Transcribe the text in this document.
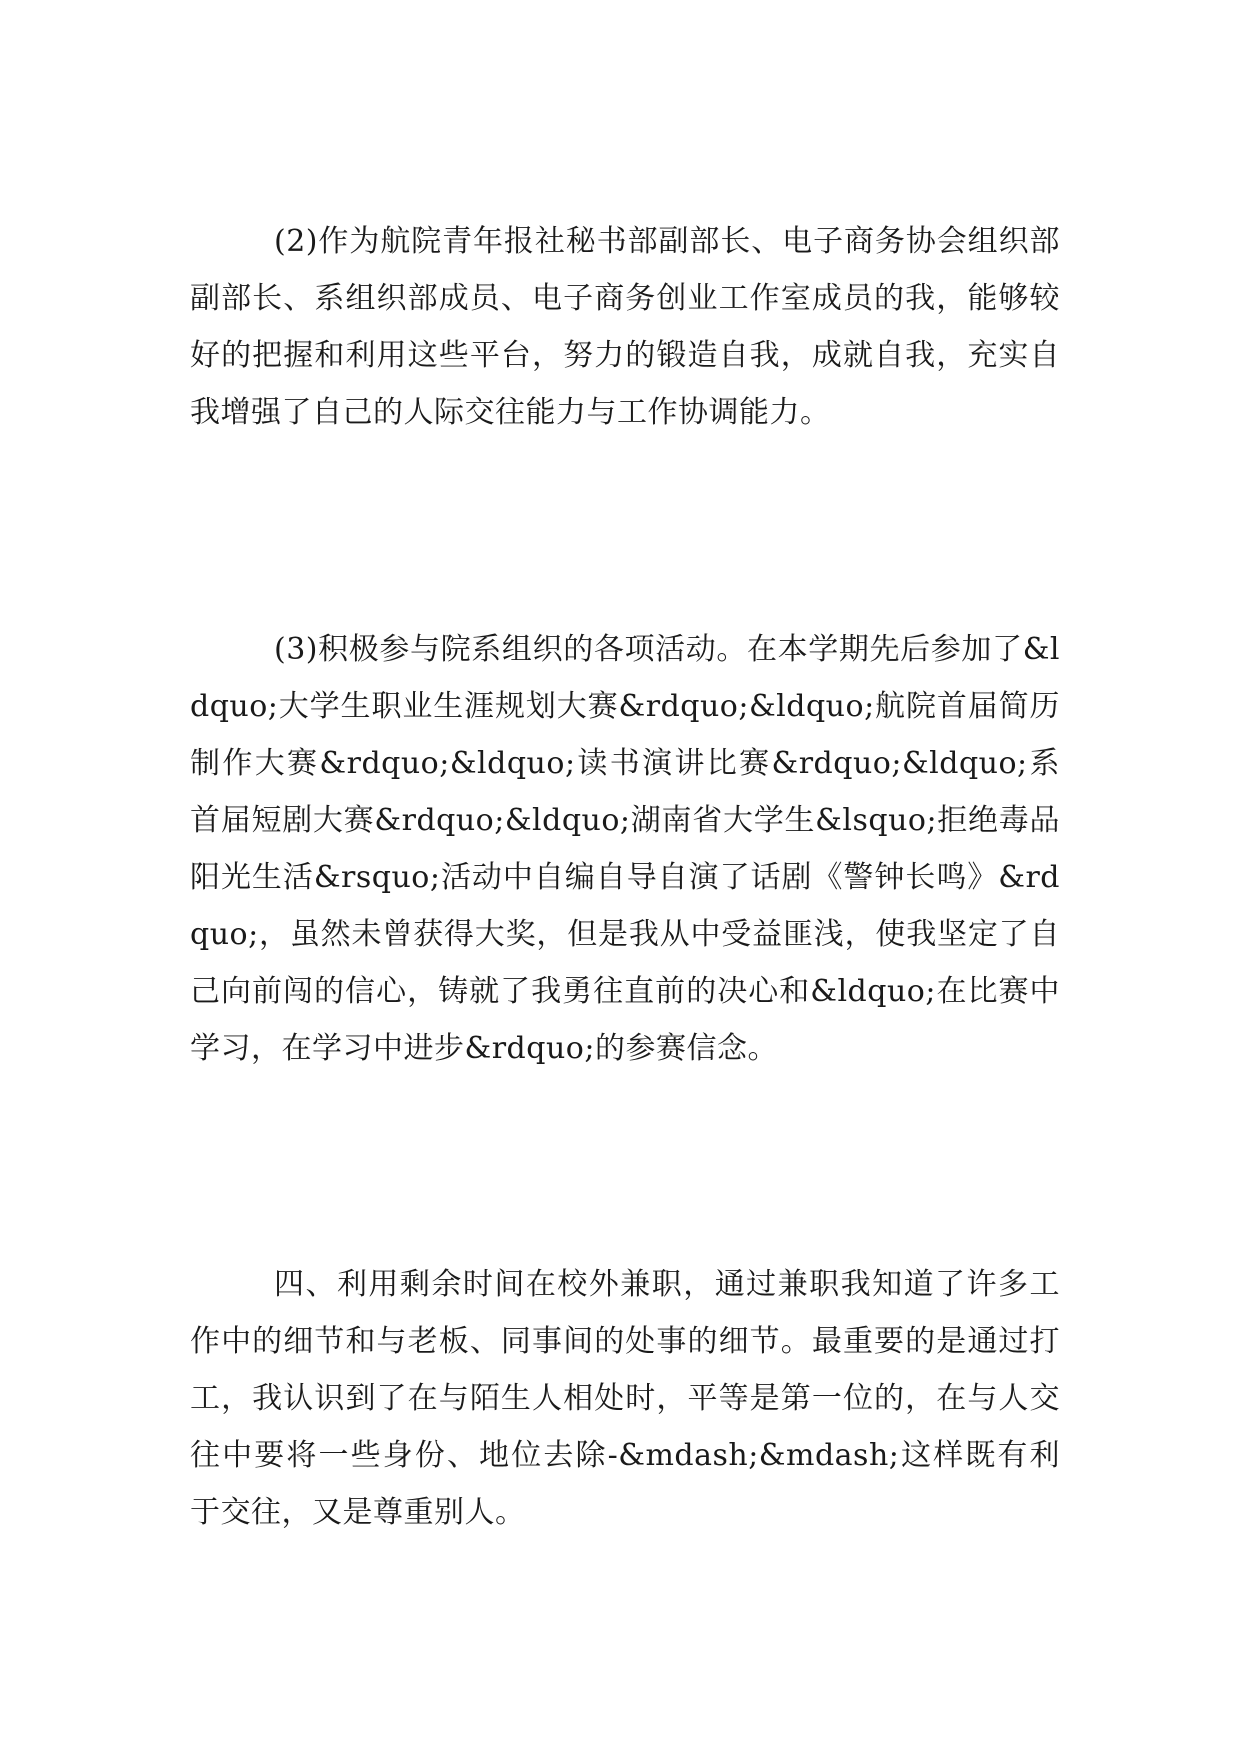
(2)作为航院青年报社秘书部副部长、电子商务协会组织部副部长、系组织部成员、电子商务创业工作室成员的我，能够较好的把握和利用这些平台，努力的锻造自我，成就自我，充实自我增强了自己的人际交往能力与工作协调能力。

(3)积极参与院系组织的各项活动。在本学期先后参加了&ldquo;大学生职业生涯规划大赛&rdquo;&ldquo;航院首届简历制作大赛&rdquo;&ldquo;读书演讲比赛&rdquo;&ldquo;系首届短剧大赛&rdquo;&ldquo;湖南省大学生&lsquo;拒绝毒品阳光生活&rsquo;活动中自编自导自演了话剧《警钟长鸣》&rdquo;，虽然未曾获得大奖，但是我从中受益匪浅，使我坚定了自己向前闯的信心，铸就了我勇往直前的决心和&ldquo;在比赛中学习，在学习中进步&rdquo;的参赛信念。

四、利用剩余时间在校外兼职，通过兼职我知道了许多工作中的细节和与老板、同事间的处事的细节。最重要的是通过打工，我认识到了在与陌生人相处时，平等是第一位的，在与人交往中要将一些身份、地位去除-&mdash;&mdash;这样既有利于交往，又是尊重别人。
